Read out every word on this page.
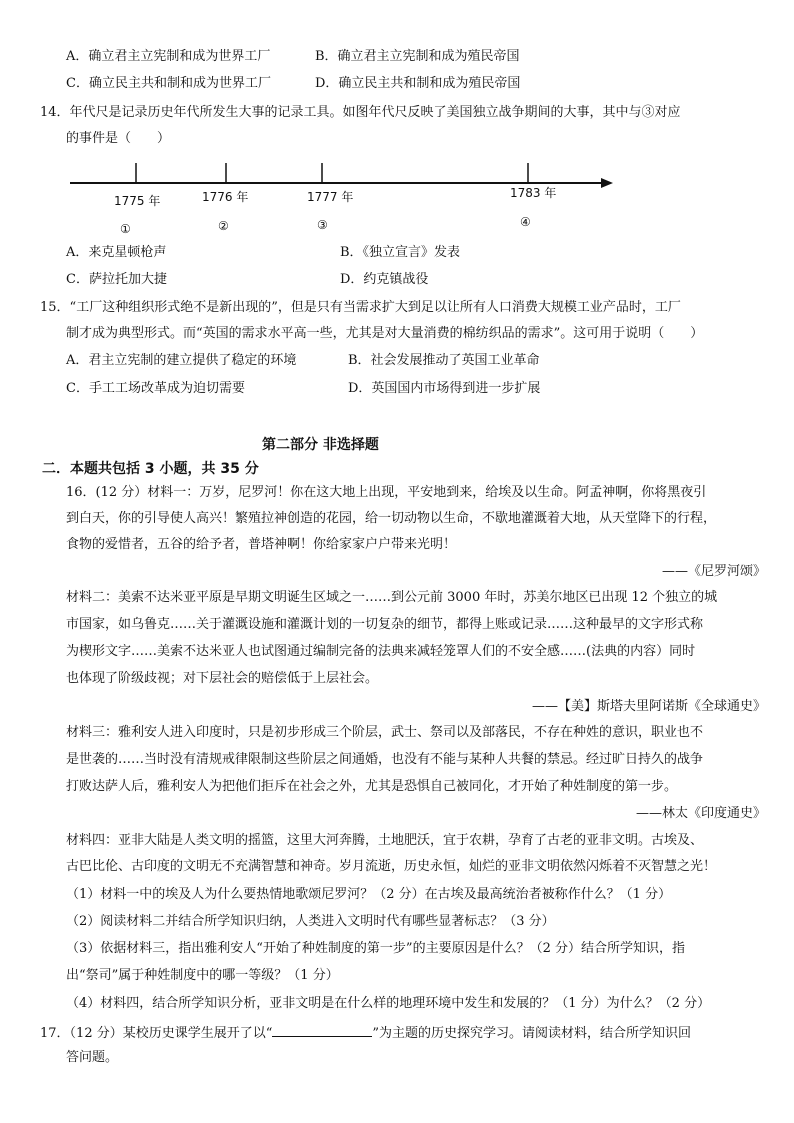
A．确立君主立宪制和成为世界工厂	B．确立君主立宪制和成为殖民帝国
C．确立民主共和制和成为世界工厂	D．确立民主共和制和成为殖民帝国
14．年代尺是记录历史年代所发生大事的记录工具。如图年代尺反映了美国独立战争期间的大事，其中与③对应
的事件是（　　）
1775 年	1776 年	1777 年	1783 年
①	②	③	④
A．来克星顿枪声	B．《独立宣言》发表
C．萨拉托加大捷	D．约克镇战役
15．“工厂这种组织形式绝不是新出现的”，但是只有当需求扩大到足以让所有人口消费大规模工业产品时，工厂
制才成为典型形式。而“英国的需求水平高一些，尤其是对大量消费的棉纺织品的需求”。这可用于说明（　　）
A．君主立宪制的建立提供了稳定的环境	B．社会发展推动了英国工业革命
C．手工工场改革成为迫切需要	D．英国国内市场得到进一步扩展
第二部分 非选择题
二．本题共包括 3 小题，共 35 分
16．(12 分）材料一：万岁，尼罗河！你在这大地上出现，平安地到来，给埃及以生命。阿孟神啊，你将黑夜引
到白天，你的引导使人高兴！繁殖拉神创造的花园，给一切动物以生命，不歇地灌溉着大地，从天堂降下的行程，
食物的爱惜者，五谷的给予者，普塔神啊！你给家家户户带来光明！
——《尼罗河颂》
材料二：美索不达米亚平原是早期文明诞生区域之一……到公元前 3000 年时，苏美尔地区已出现 12 个独立的城
市国家，如乌鲁克……关于灌溉设施和灌溉计划的一切复杂的细节，都得上账或记录……这种最早的文字形式称
为楔形文字……美索不达米亚人也试图通过编制完备的法典来减轻笼罩人们的不安全感……(法典的内容）同时
也体现了阶级歧视；对下层社会的赔偿低于上层社会。
——【美】斯塔夫里阿诺斯《全球通史》
材料三：雅利安人进入印度时，只是初步形成三个阶层，武士、祭司以及部落民，不存在种姓的意识，职业也不
是世袭的……当时没有清规戒律限制这些阶层之间通婚，也没有不能与某种人共餐的禁忌。经过旷日持久的战争
打败达萨人后，雅利安人为把他们拒斥在社会之外，尤其是恐惧自己被同化，才开始了种姓制度的第一步。
——林太《印度通史》
材料四：亚非大陆是人类文明的摇篮，这里大河奔腾，土地肥沃，宜于农耕，孕育了古老的亚非文明。古埃及、
古巴比伦、古印度的文明无不充满智慧和神奇。岁月流逝，历史永恒，灿烂的亚非文明依然闪烁着不灭智慧之光！
（1）材料一中的埃及人为什么要热情地歌颂尼罗河？（2 分）在古埃及最高统治者被称作什么？（1 分）
（2）阅读材料二并结合所学知识归纳，人类进入文明时代有哪些显著标志？（3 分）
（3）依据材料三，指出雅利安人“开始了种姓制度的第一步”的主要原因是什么？（2 分）结合所学知识，指
出“祭司”属于种姓制度中的哪一等级？（1 分）
（4）材料四，结合所学知识分析，亚非文明是在什么样的地理环境中发生和发展的？（1 分）为什么？（2 分）
17．（12 分）某校历史课学生展开了以“	”为主题的历史探究学习。请阅读材料，结合所学知识回
答问题。
